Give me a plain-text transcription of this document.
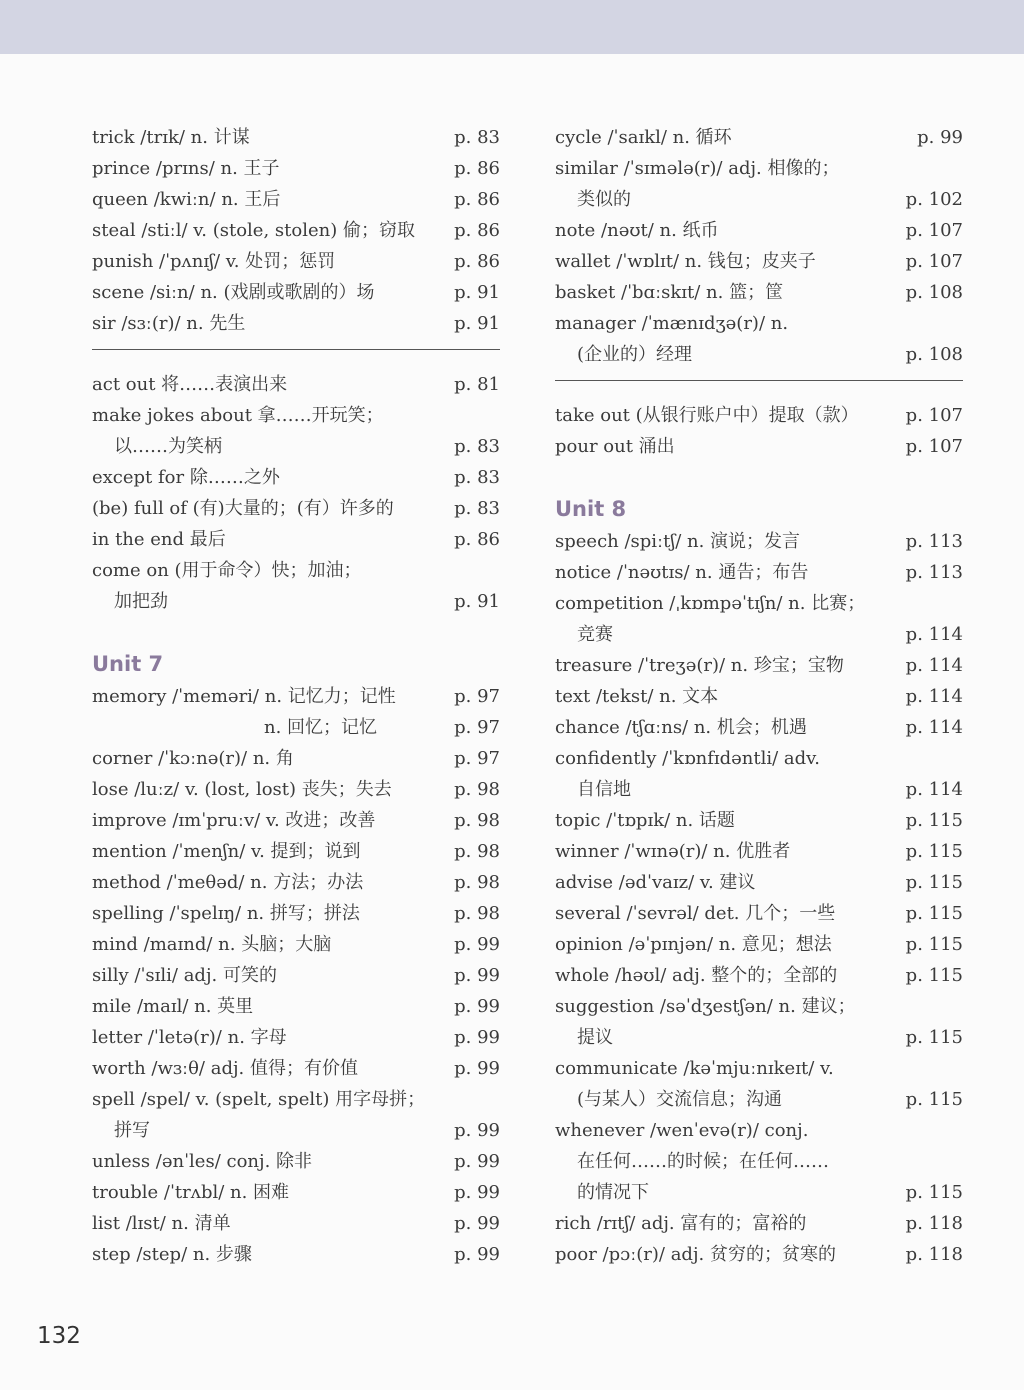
trick /trɪk/ n. 计谋	p. 83
prince /prɪns/ n. 王子	p. 86
queen /kwiːn/ n. 王后	p. 86
steal /stiːl/ v. (stole, stolen) 偷；窃取 p. 86
punish /ˈpʌnɪʃ/ v. 处罚；惩罚	p. 86
scene /siːn/ n. (戏剧或歌剧的）场	p. 91
sir /sɜː(r)/ n. 先生	p. 91
act out 将……表演出来	p. 81
make jokes about 拿……开玩笑；
以……为笑柄	p. 83
except for 除……之外	p. 83
(be) full of (有)大量的；(有）许多的	p. 83
in the end 最后	p. 86
come on (用于命令）快；加油；
加把劲	p. 91
Unit 7
memory /ˈmeməri/ n. 记忆力；记性	p. 97
n. 回忆；记忆	p. 97
corner /ˈkɔːnə(r)/ n. 角	p. 97
lose /luːz/ v. (lost, lost) 丧失；失去	p. 98
improve /ɪmˈpruːv/ v. 改进；改善	p. 98
mention /ˈmenʃn/ v. 提到；说到	p. 98
method /ˈmeθəd/ n. 方法；办法	p. 98
spelling /ˈspelɪŋ/ n. 拼写；拼法	p. 98
mind /maɪnd/ n. 头脑；大脑	p. 99
silly /ˈsɪli/ adj. 可笑的	p. 99
mile /maɪl/ n. 英里	p. 99
letter /ˈletə(r)/ n. 字母	p. 99
worth /wɜːθ/ adj. 值得；有价值	p. 99
spell /spel/ v. (spelt, spelt) 用字母拼；
拼写	p. 99
unless /ənˈles/ conj. 除非	p. 99
trouble /ˈtrʌbl/ n. 困难	p. 99
list /lɪst/ n. 清单	p. 99
step /step/ n. 步骤	p. 99
cycle /ˈsaɪkl/ n. 循环	p. 99
similar /ˈsɪmələ(r)/ adj. 相像的；
类似的	p. 102
note /nəʊt/ n. 纸币	p. 107
wallet /ˈwɒlɪt/ n. 钱包；皮夹子	p. 107
basket /ˈbɑːskɪt/ n. 篮；筐	p. 108
manager /ˈmænɪdʒə(r)/ n.
(企业的）经理	p. 108
take out (从银行账户中）提取（款）	p. 107
pour out 涌出	p. 107
Unit 8
speech /spiːtʃ/ n. 演说；发言	p. 113
notice /ˈnəʊtɪs/ n. 通告；布告	p. 113
competition /ˌkɒmpəˈtɪʃn/ n. 比赛；
竞赛	p. 114
treasure /ˈtreʒə(r)/ n. 珍宝；宝物	p. 114
text /tekst/ n. 文本	p. 114
chance /tʃɑːns/ n. 机会；机遇	p. 114
confidently /ˈkɒnfɪdəntli/ adv.
自信地	p. 114
topic /ˈtɒpɪk/ n. 话题	p. 115
winner /ˈwɪnə(r)/ n. 优胜者	p. 115
advise /ədˈvaɪz/ v. 建议	p. 115
several /ˈsevrəl/ det. 几个；一些	p. 115
opinion /əˈpɪnjən/ n. 意见；想法	p. 115
whole /həʊl/ adj. 整个的；全部的	p. 115
suggestion /səˈdʒestʃən/ n. 建议；
提议	p. 115
communicate /kəˈmjuːnɪkeɪt/ v.
(与某人）交流信息；沟通	p. 115
whenever /wenˈevə(r)/ conj.
在任何……的时候；在任何……
的情况下	p. 115
rich /rɪtʃ/ adj. 富有的；富裕的	p. 118
poor /pɔː(r)/ adj. 贫穷的；贫寒的	p. 118
132
